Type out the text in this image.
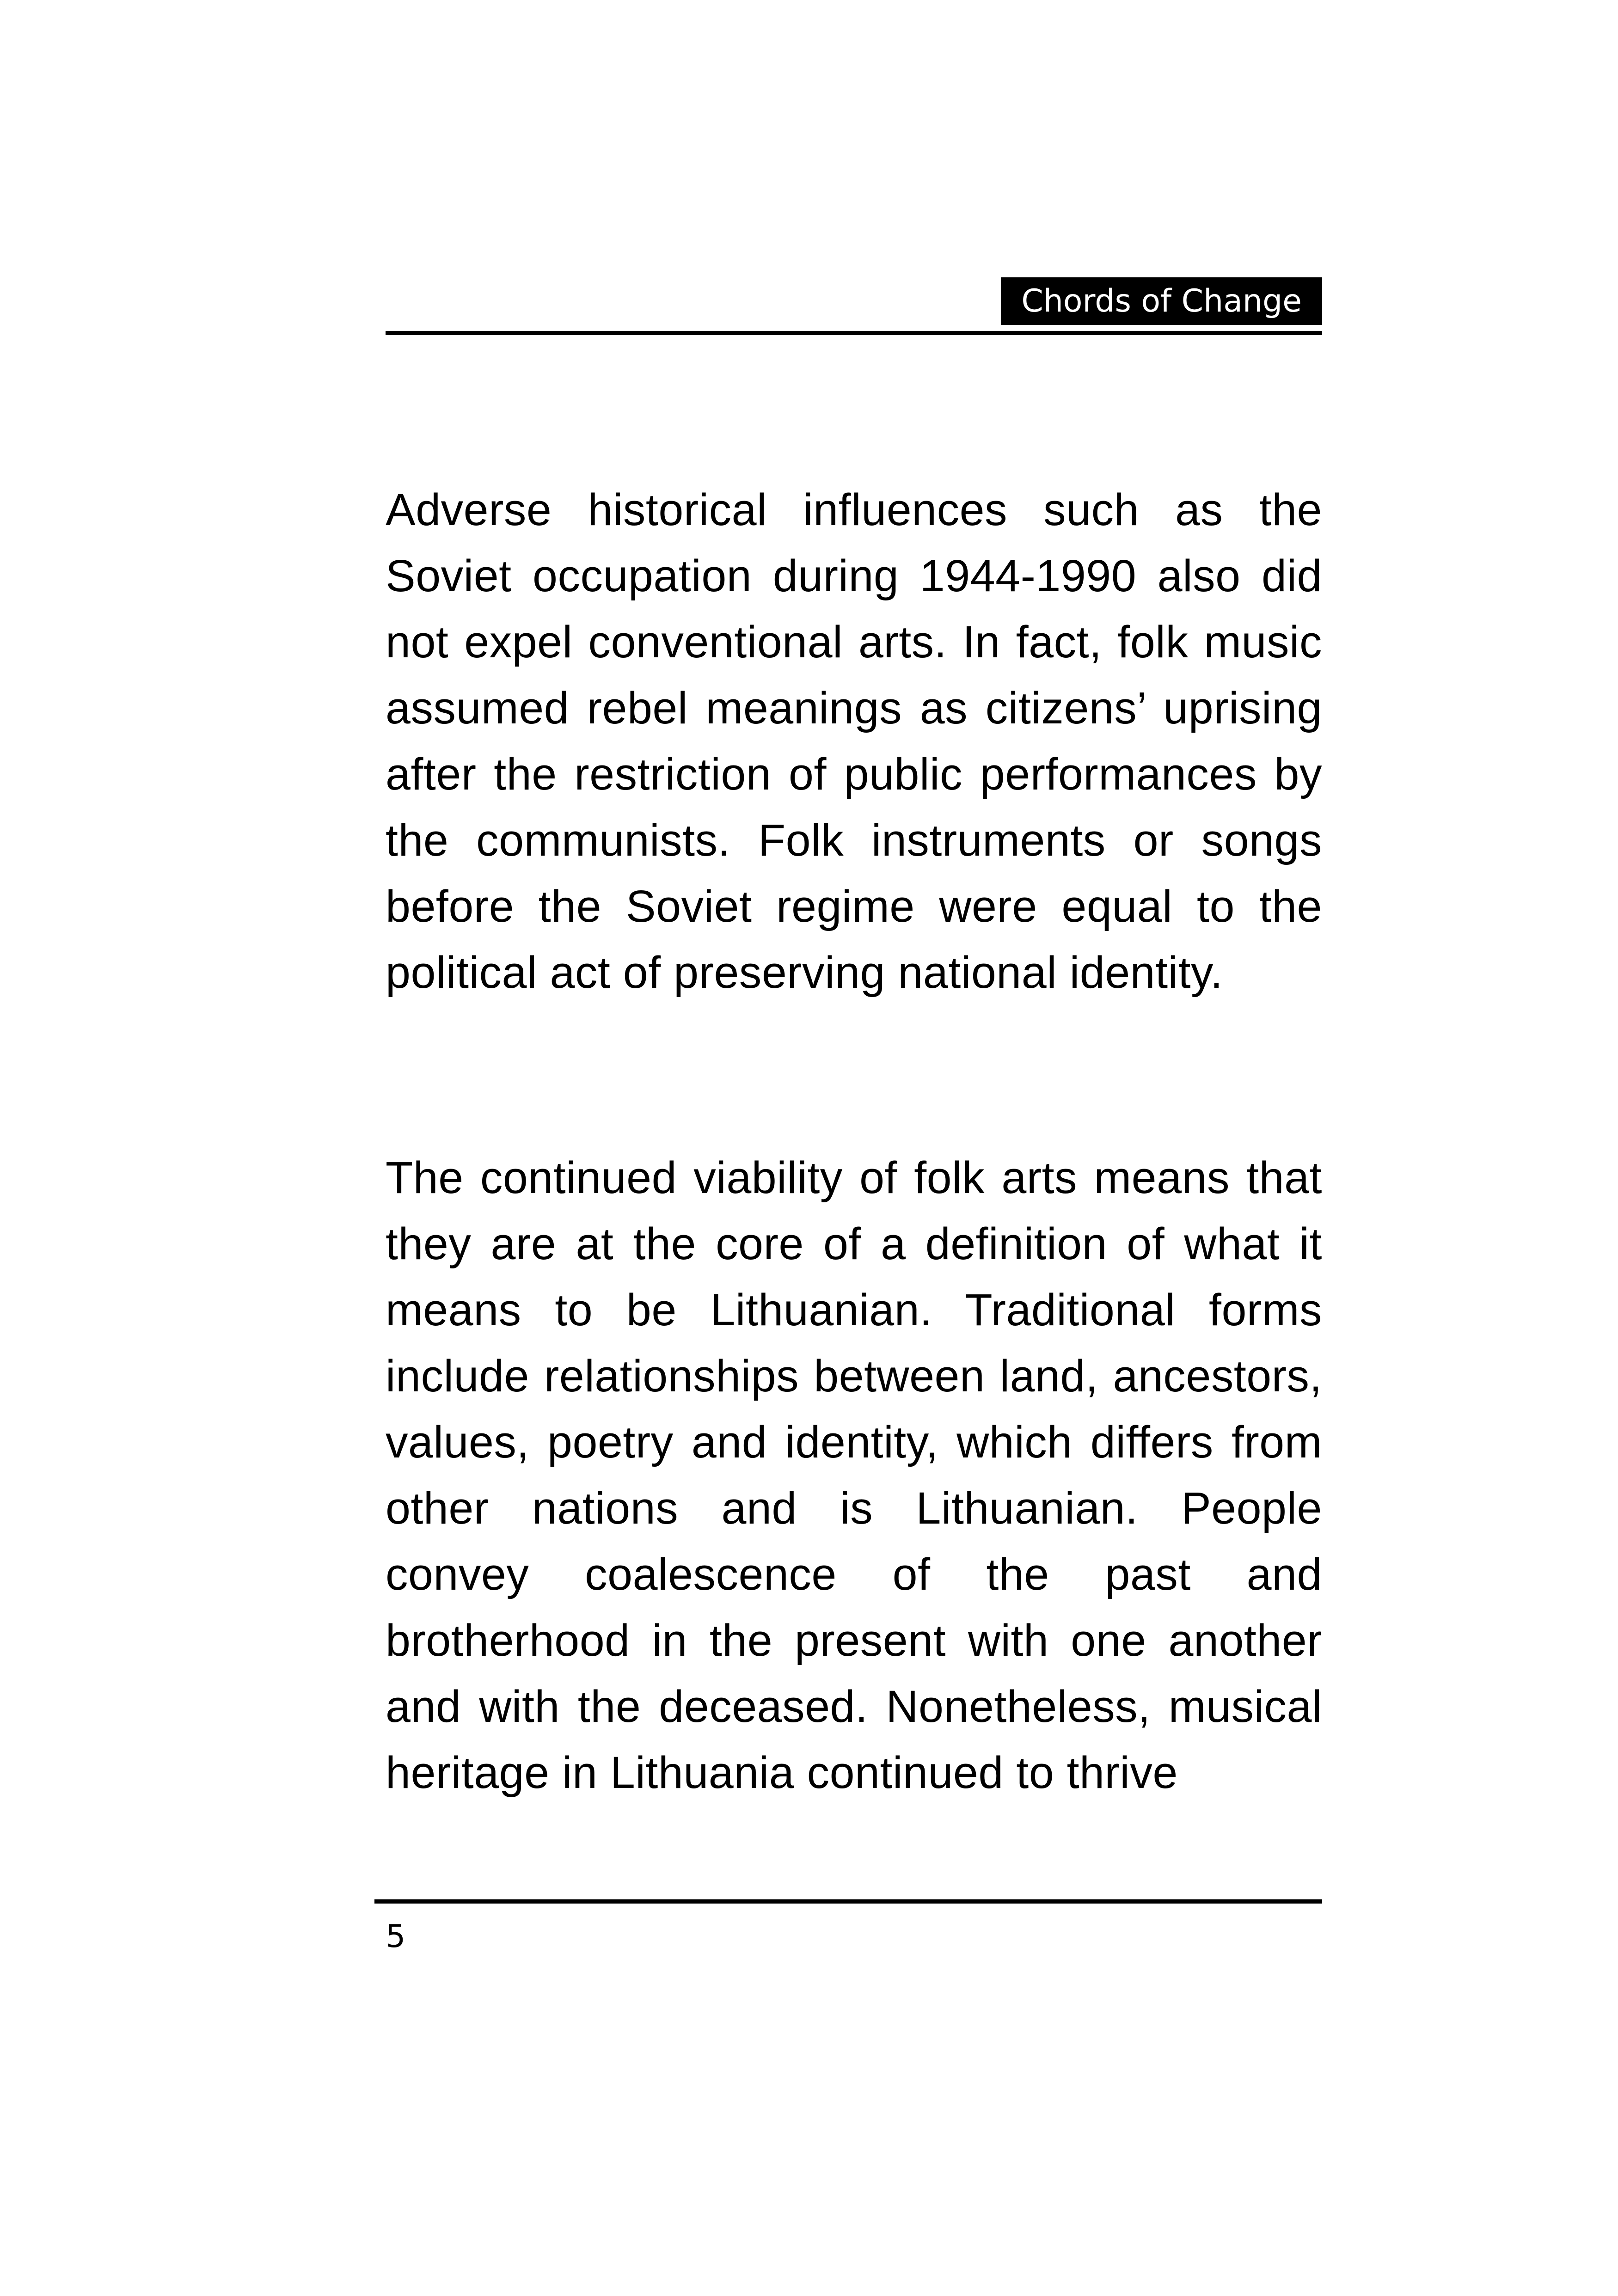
Chords of Change

Adverse historical influences such as the Soviet occupation during 1944-1990 also did not expel conventional arts. In fact, folk music assumed rebel meanings as citizens’ uprising after the restriction of public performances by the communists. Folk instruments or songs before the Soviet regime were equal to the political act of preserving national identity.

The continued viability of folk arts means that they are at the core of a definition of what it means to be Lithuanian. Traditional forms include relationships between land, ancestors, values, poetry and identity, which differs from other nations and is Lithuanian. People convey coalescence of the past and brotherhood in the present with one another and with the deceased. Nonetheless, musical heritage in Lithuania continued to thrive

5
